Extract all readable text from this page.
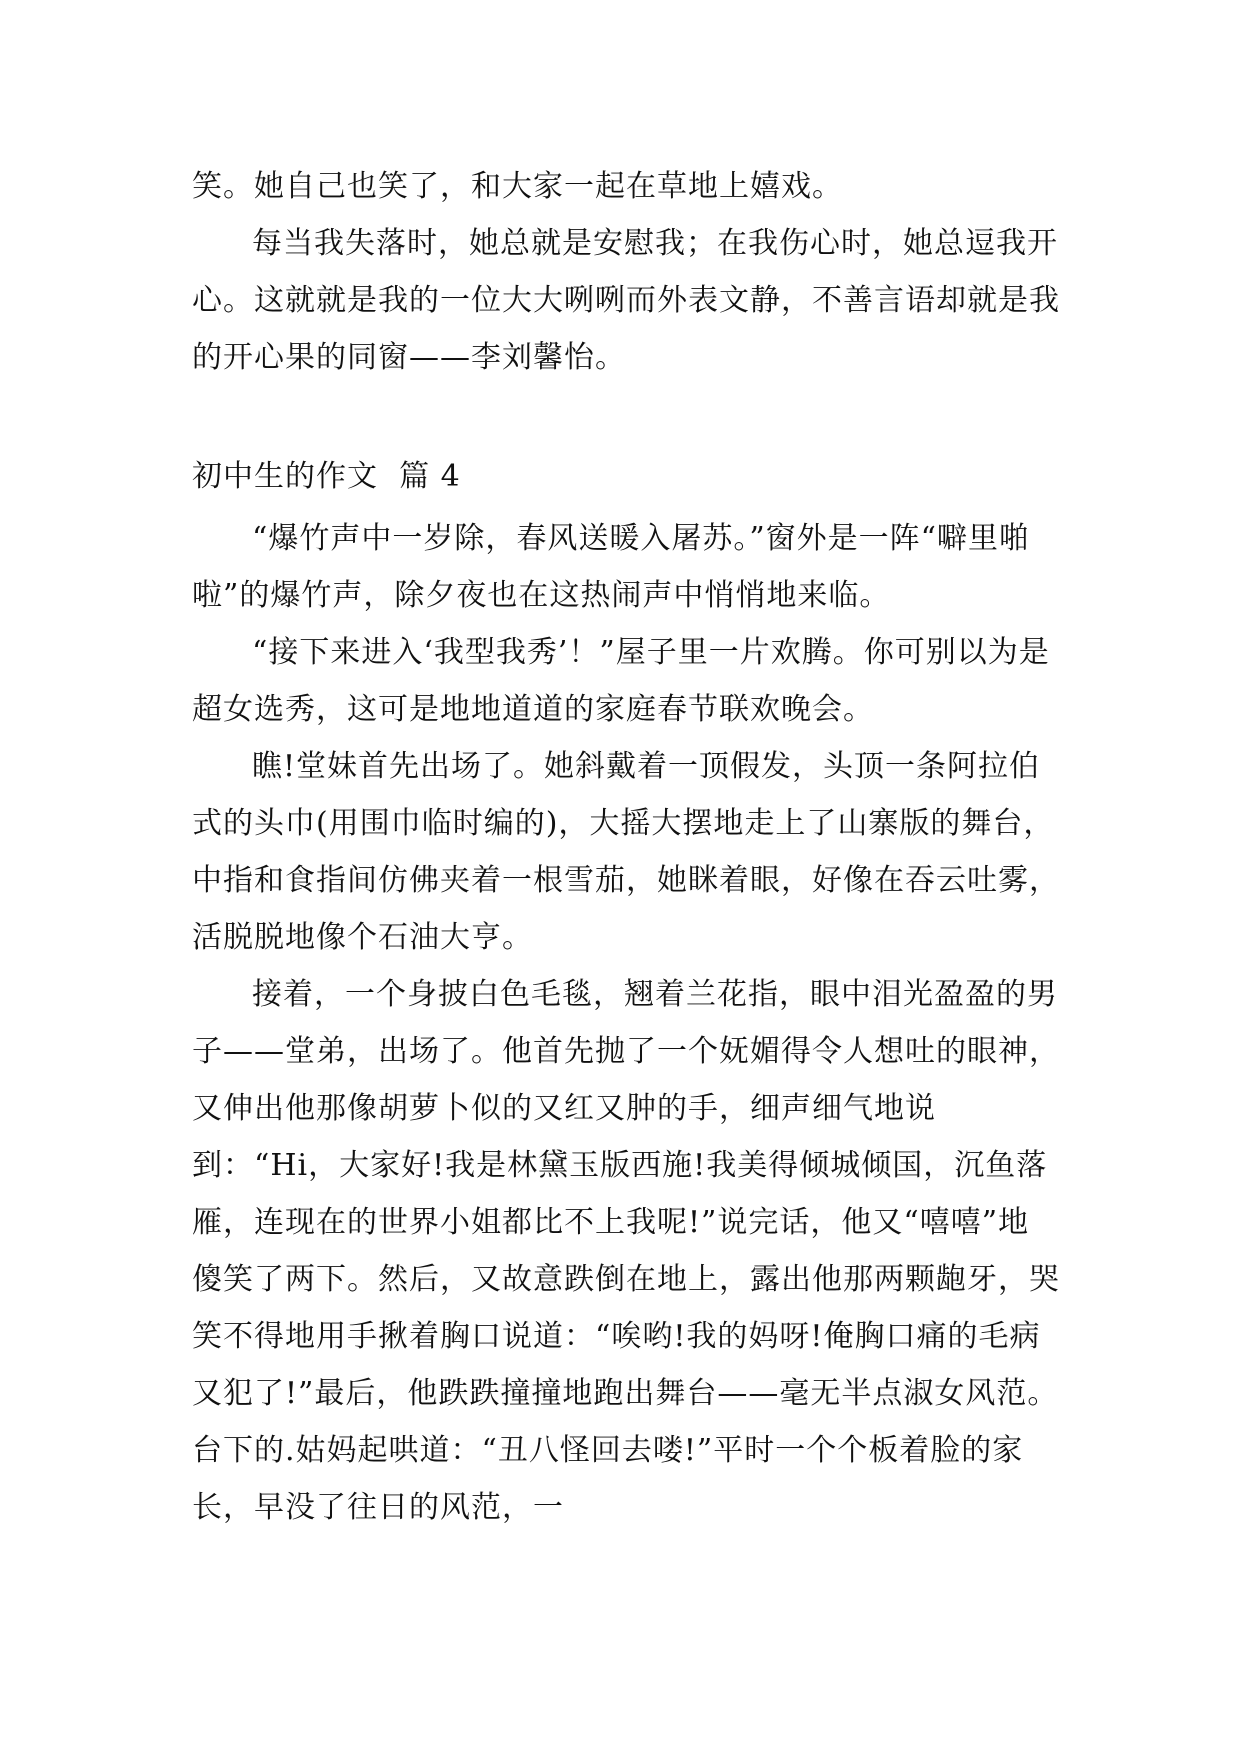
笑。她自己也笑了，和大家一起在草地上嬉戏。

每当我失落时，她总就是安慰我；在我伤心时，她总逗我开心。这就就是我的一位大大咧咧而外表文静，不善言语却就是我的开心果的同窗——李刘馨怡。

初中生的作文  篇 4

“爆竹声中一岁除，春风送暖入屠苏。”窗外是一阵“噼里啪啦”的爆竹声，除夕夜也在这热闹声中悄悄地来临。

“接下来进入‘我型我秀’！”屋子里一片欢腾。你可别以为是超女选秀，这可是地地道道的家庭春节联欢晚会。

瞧!堂妹首先出场了。她斜戴着一顶假发，头顶一条阿拉伯式的头巾(用围巾临时编的)，大摇大摆地走上了山寨版的舞台，中指和食指间仿佛夹着一根雪茄，她眯着眼，好像在吞云吐雾，活脱脱地像个石油大亨。

接着，一个身披白色毛毯，翘着兰花指，眼中泪光盈盈的男子——堂弟，出场了。他首先抛了一个妩媚得令人想吐的眼神，又伸出他那像胡萝卜似的又红又肿的手，细声细气地说到：“Hi，大家好!我是林黛玉版西施!我美得倾城倾国，沉鱼落雁，连现在的世界小姐都比不上我呢!”说完话，他又“嘻嘻”地傻笑了两下。然后，又故意跌倒在地上，露出他那两颗龅牙，哭笑不得地用手揪着胸口说道：“唉哟!我的妈呀!俺胸口痛的毛病又犯了!”最后，他跌跌撞撞地跑出舞台——毫无半点淑女风范。台下的.姑妈起哄道：“丑八怪回去喽!”平时一个个板着脸的家长，早没了往日的风范，一
